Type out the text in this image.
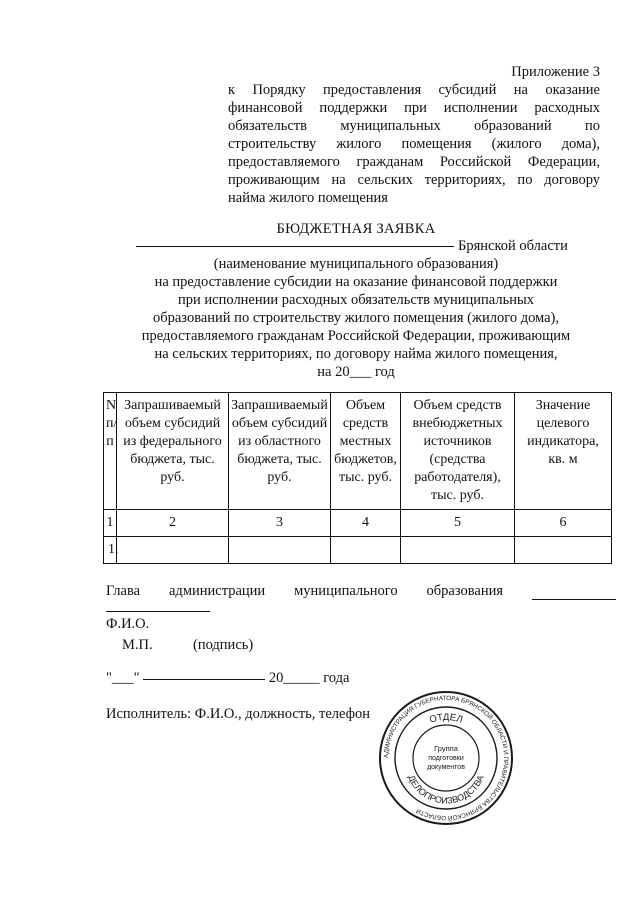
Приложение 3
к Порядку предоставления субсидий на оказание финансовой поддержки при исполнении расходных обязательств муниципальных образований по строительству жилого помещения (жилого дома), предоставляемого гражданам Российской Федерации, проживающим на сельских территориях, по договору найма жилого помещения
БЮДЖЕТНАЯ ЗАЯВКА
Брянской области
(наименование муниципального образования)
на предоставление субсидии на оказание финансовой поддержки
при исполнении расходных обязательств муниципальных
образований по строительству жилого помещения (жилого дома),
предоставляемого гражданам Российской Федерации, проживающим
на сельских территориях, по договору найма жилого помещения,
на 20___ год
N п/п	Запрашиваемый объем субсидий из федерального бюджета, тыс. руб.	Запрашиваемый объем субсидий из областного бюджета, тыс. руб.	Объем средств местных бюджетов, тыс. руб.	Объем средств внебюджетных источников (средства работодателя), тыс. руб.	Значение целевого индикатора, кв. м
1	2	3	4	5	6
1.					
Глава администрации муниципального образования
Ф.И.О.
М.П.	(подпись)
"___"	20_____ года
Исполнитель: Ф.И.О., должность, телефон
АДМИНИСТРАЦИЯ ГУБЕРНАТОРА БРЯНСКОЙ ОБЛАСТИ И ПРАВИТЕЛЬСТВА БРЯНСКОЙ ОБЛАСТИ
ОТДЕЛ
ДЕЛОПРОИЗВОДСТВА
Группа
подготовки
документов
